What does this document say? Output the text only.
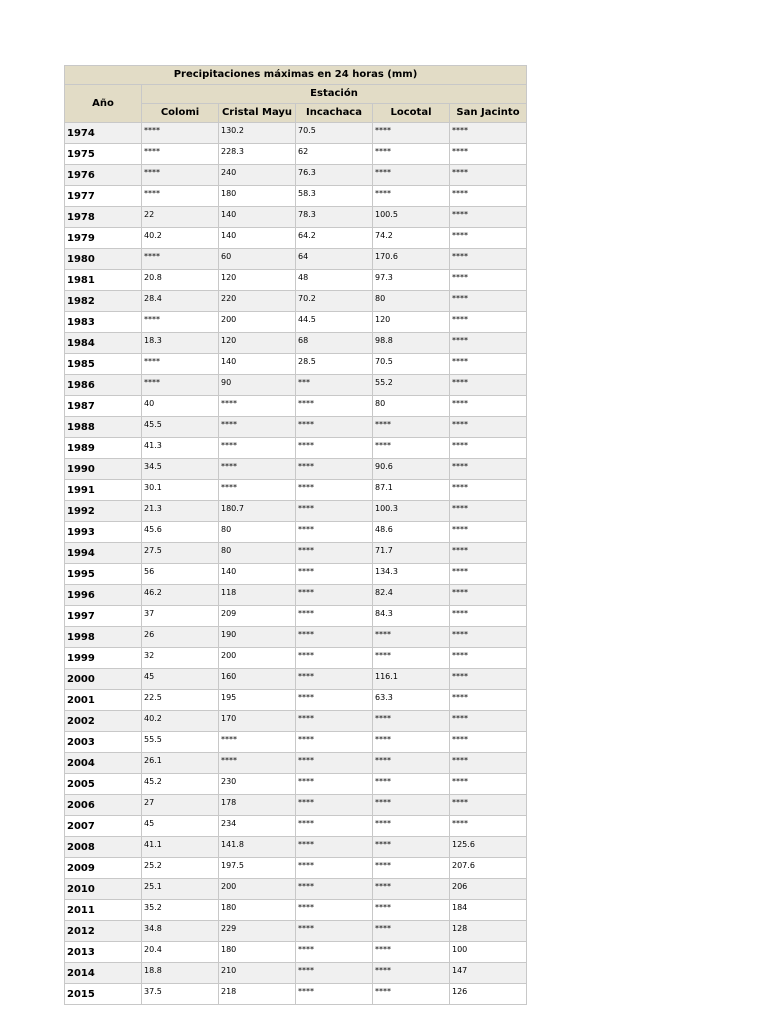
Precipitaciones máximas en 24 horas (mm)					
Año	Estación				
	Colomi	Cristal Mayu	Incachaca	Locotal	San Jacinto
1974	****	130.2	70.5	****	****
1975	****	228.3	62	****	****
1976	****	240	76.3	****	****
1977	****	180	58.3	****	****
1978	22	140	78.3	100.5	****
1979	40.2	140	64.2	74.2	****
1980	****	60	64	170.6	****
1981	20.8	120	48	97.3	****
1982	28.4	220	70.2	80	****
1983	****	200	44.5	120	****
1984	18.3	120	68	98.8	****
1985	****	140	28.5	70.5	****
1986	****	90	***	55.2	****
1987	40	****	****	80	****
1988	45.5	****	****	****	****
1989	41.3	****	****	****	****
1990	34.5	****	****	90.6	****
1991	30.1	****	****	87.1	****
1992	21.3	180.7	****	100.3	****
1993	45.6	80	****	48.6	****
1994	27.5	80	****	71.7	****
1995	56	140	****	134.3	****
1996	46.2	118	****	82.4	****
1997	37	209	****	84.3	****
1998	26	190	****	****	****
1999	32	200	****	****	****
2000	45	160	****	116.1	****
2001	22.5	195	****	63.3	****
2002	40.2	170	****	****	****
2003	55.5	****	****	****	****
2004	26.1	****	****	****	****
2005	45.2	230	****	****	****
2006	27	178	****	****	****
2007	45	234	****	****	****
2008	41.1	141.8	****	****	125.6
2009	25.2	197.5	****	****	207.6
2010	25.1	200	****	****	206
2011	35.2	180	****	****	184
2012	34.8	229	****	****	128
2013	20.4	180	****	****	100
2014	18.8	210	****	****	147
2015	37.5	218	****	****	126
